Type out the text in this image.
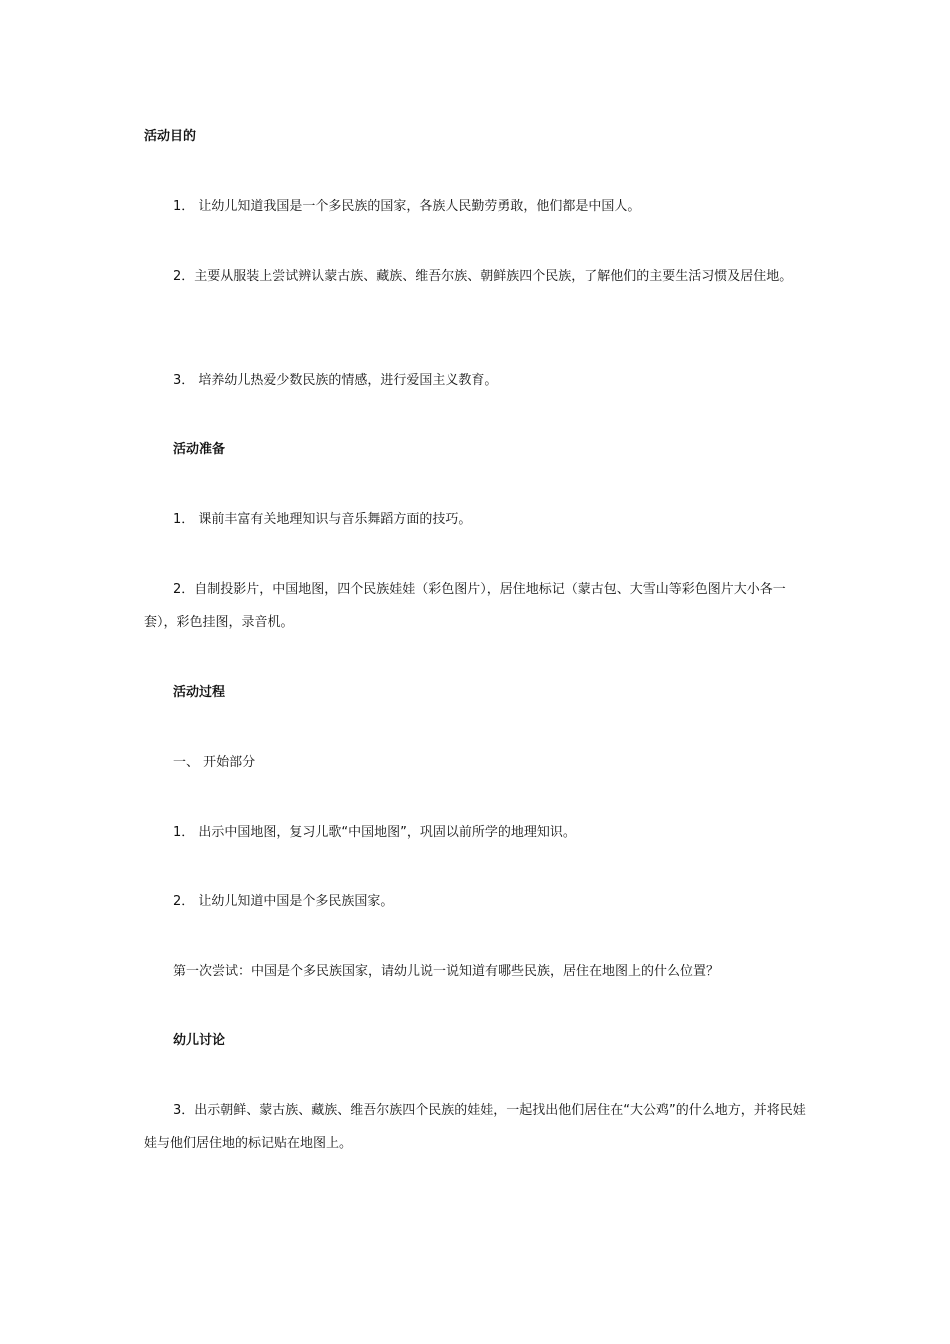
活动目的
1． 让幼儿知道我国是一个多民族的国家，各族人民勤劳勇敢，他们都是中国人。
2．主要从服装上尝试辨认蒙古族、藏族、维吾尔族、朝鲜族四个民族，了解他们的主要生活习惯及居住地。
3． 培养幼儿热爱少数民族的情感，进行爱国主义教育。
活动准备
1． 课前丰富有关地理知识与音乐舞蹈方面的技巧。
2．自制投影片，中国地图，四个民族娃娃（彩色图片），居住地标记（蒙古包、大雪山等彩色图片大小各一套），彩色挂图，录音机。
活动过程
一、 开始部分
1． 出示中国地图，复习儿歌“中国地图”，巩固以前所学的地理知识。
2． 让幼儿知道中国是个多民族国家。
第一次尝试：中国是个多民族国家，请幼儿说一说知道有哪些民族，居住在地图上的什么位置？
幼儿讨论
3．出示朝鲜、蒙古族、藏族、维吾尔族四个民族的娃娃，一起找出他们居住在“大公鸡”的什么地方，并将民娃娃与他们居住地的标记贴在地图上。
